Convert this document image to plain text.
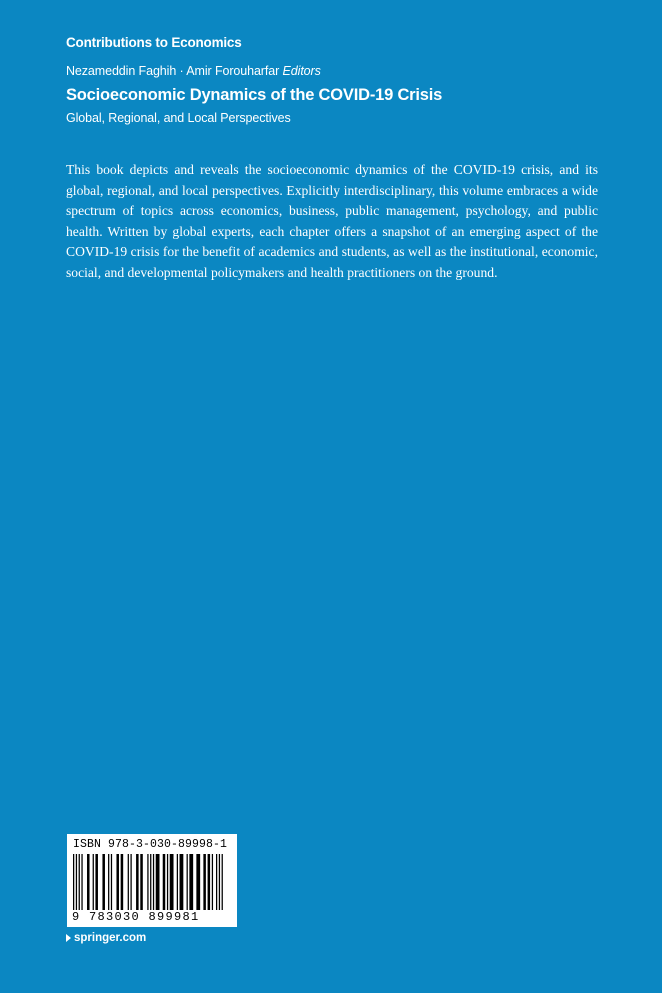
Contributions to Economics
Nezameddin Faghih · Amir Forouharfar Editors
Socioeconomic Dynamics of the COVID-19 Crisis
Global, Regional, and Local Perspectives

This book depicts and reveals the socioeconomic dynamics of the COVID-19 crisis, and its global, regional, and local perspectives. Explicitly interdisciplinary, this volume embraces a wide spectrum of topics across economics, business, public management, psychology, and public health. Written by global experts, each chapter offers a snapshot of an emerging aspect of the COVID-19 crisis for the benefit of academics and students, as well as the institutional, economic, social, and developmental policymakers and health practitioners on the ground.

ISBN 978-3-030-89998-1
9 783030 899981
springer.com
